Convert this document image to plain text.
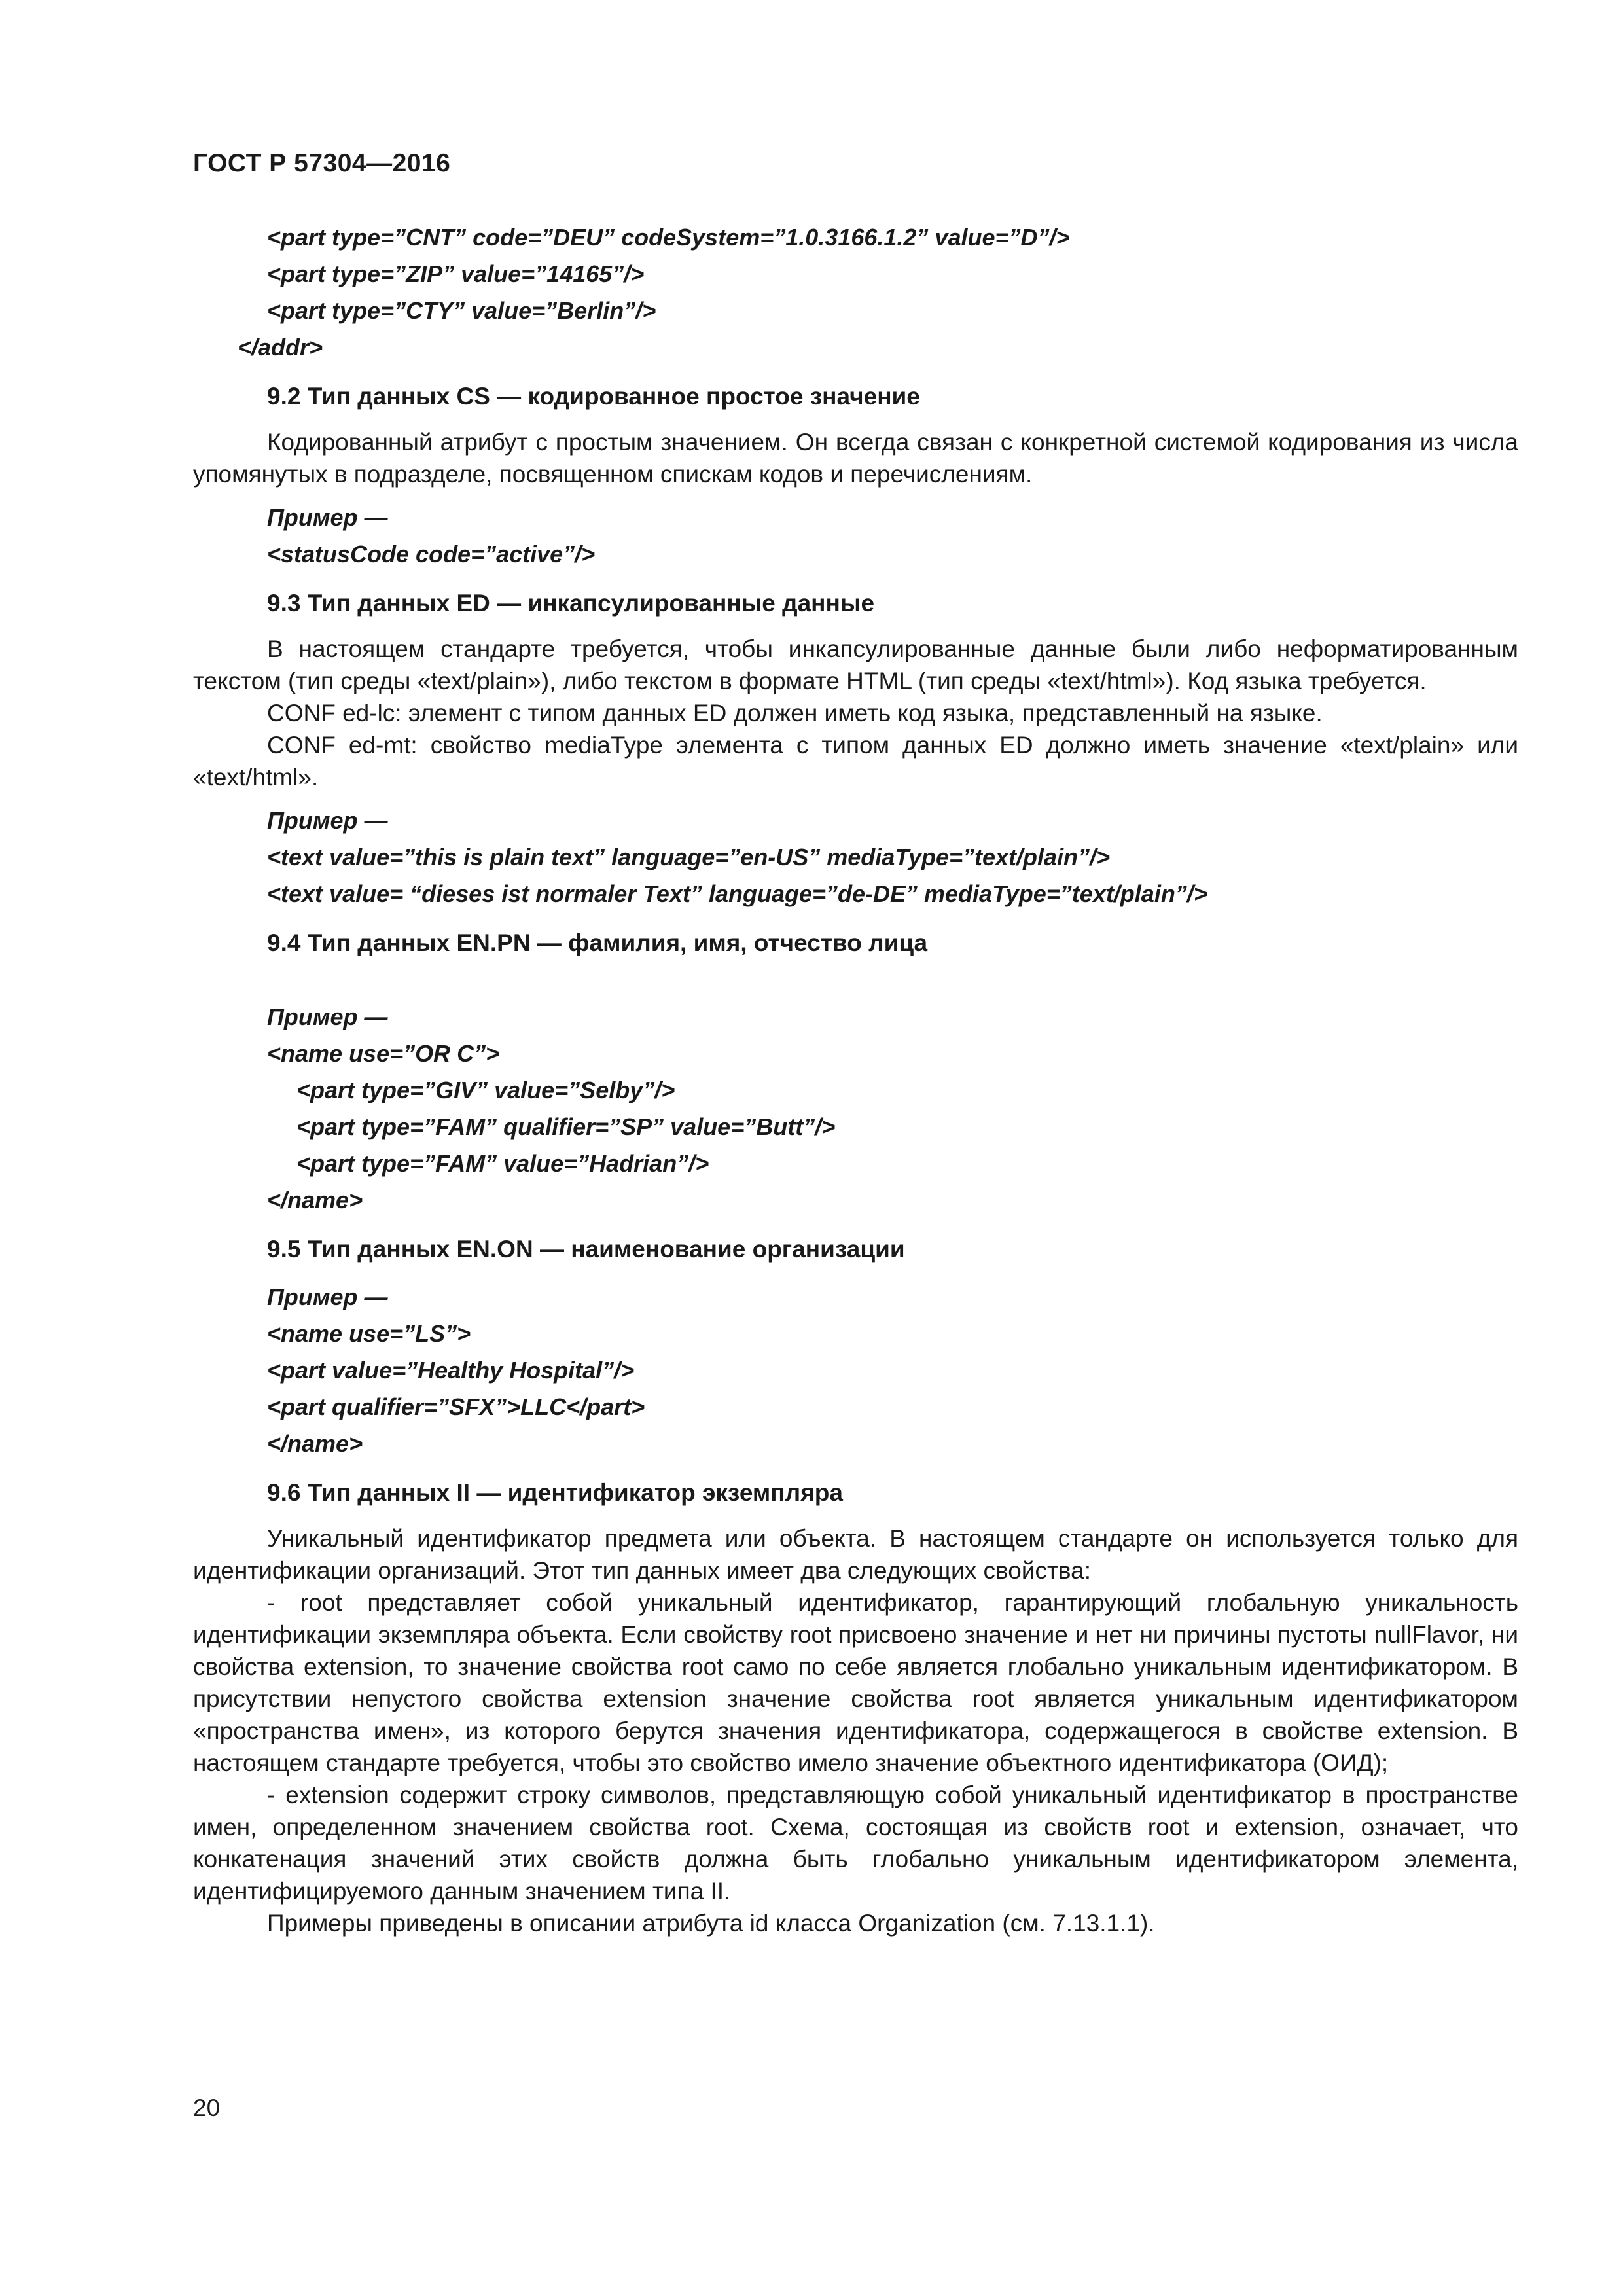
ГОСТ Р 57304—2016
<part type=”CNT” code=”DEU” codeSystem=”1.0.3166.1.2” value=”D”/>
<part type=”ZIP” value=”14165”/>
<part type=”CTY” value=”Berlin”/>
</addr>
9.2 Тип данных CS — кодированное простое значение
Кодированный атрибут с простым значением. Он всегда связан с конкретной системой кодирования из числа упомянутых в подразделе, посвященном спискам кодов и перечислениям.
Пример —
<statusCode code=”active”/>
9.3 Тип данных ED — инкапсулированные данные
В настоящем стандарте требуется, чтобы инкапсулированные данные были либо неформатированным текстом (тип среды «text/plain»), либо текстом в формате HTML (тип среды «text/html»). Код языка требуется.
CONF ed-lc: элемент с типом данных ED должен иметь код языка, представленный на языке.
CONF ed-mt: свойство mediaType элемента с типом данных ED должно иметь значение «text/plain» или «text/html».
Пример —
<text value=”this is plain text” language=”en-US” mediaType=”text/plain”/>
<text value= “dieses ist normaler Text” language=”de-DE” mediaType=”text/plain”/>
9.4 Тип данных EN.PN — фамилия, имя, отчество лица
Пример —
<name use=”OR C”>
<part type=”GIV” value=”Selby”/>
<part type=”FAM” qualifier=”SP” value=”Butt”/>
<part type=”FAM” value=”Hadrian”/>
</name>
9.5 Тип данных EN.ON — наименование организации
Пример —
<name use=”LS”>
<part value=”Healthy Hospital”/>
<part qualifier=”SFX”>LLC</part>
</name>
9.6 Тип данных II — идентификатор экземпляра
Уникальный идентификатор предмета или объекта. В настоящем стандарте он используется только для идентификации организаций. Этот тип данных имеет два следующих свойства:
- root представляет собой уникальный идентификатор, гарантирующий глобальную уникальность идентификации экземпляра объекта. Если свойству root присвоено значение и нет ни причины пустоты nullFlavor, ни свойства extension, то значение свойства root само по себе является глобально уникальным идентификатором. В присутствии непустого свойства extension значение свойства root является уникальным идентификатором «пространства имен», из которого берутся значения идентификатора, содержащегося в свойстве extension. В настоящем стандарте требуется, чтобы это свойство имело значение объектного идентификатора (ОИД);
- extension содержит строку символов, представляющую собой уникальный идентификатор в пространстве имен, определенном значением свойства root. Схема, состоящая из свойств root и extension, означает, что конкатенация значений этих свойств должна быть глобально уникальным идентификатором элемента, идентифицируемого данным значением типа II.
Примеры приведены в описании атрибута id класса Organization (см. 7.13.1.1).
20
